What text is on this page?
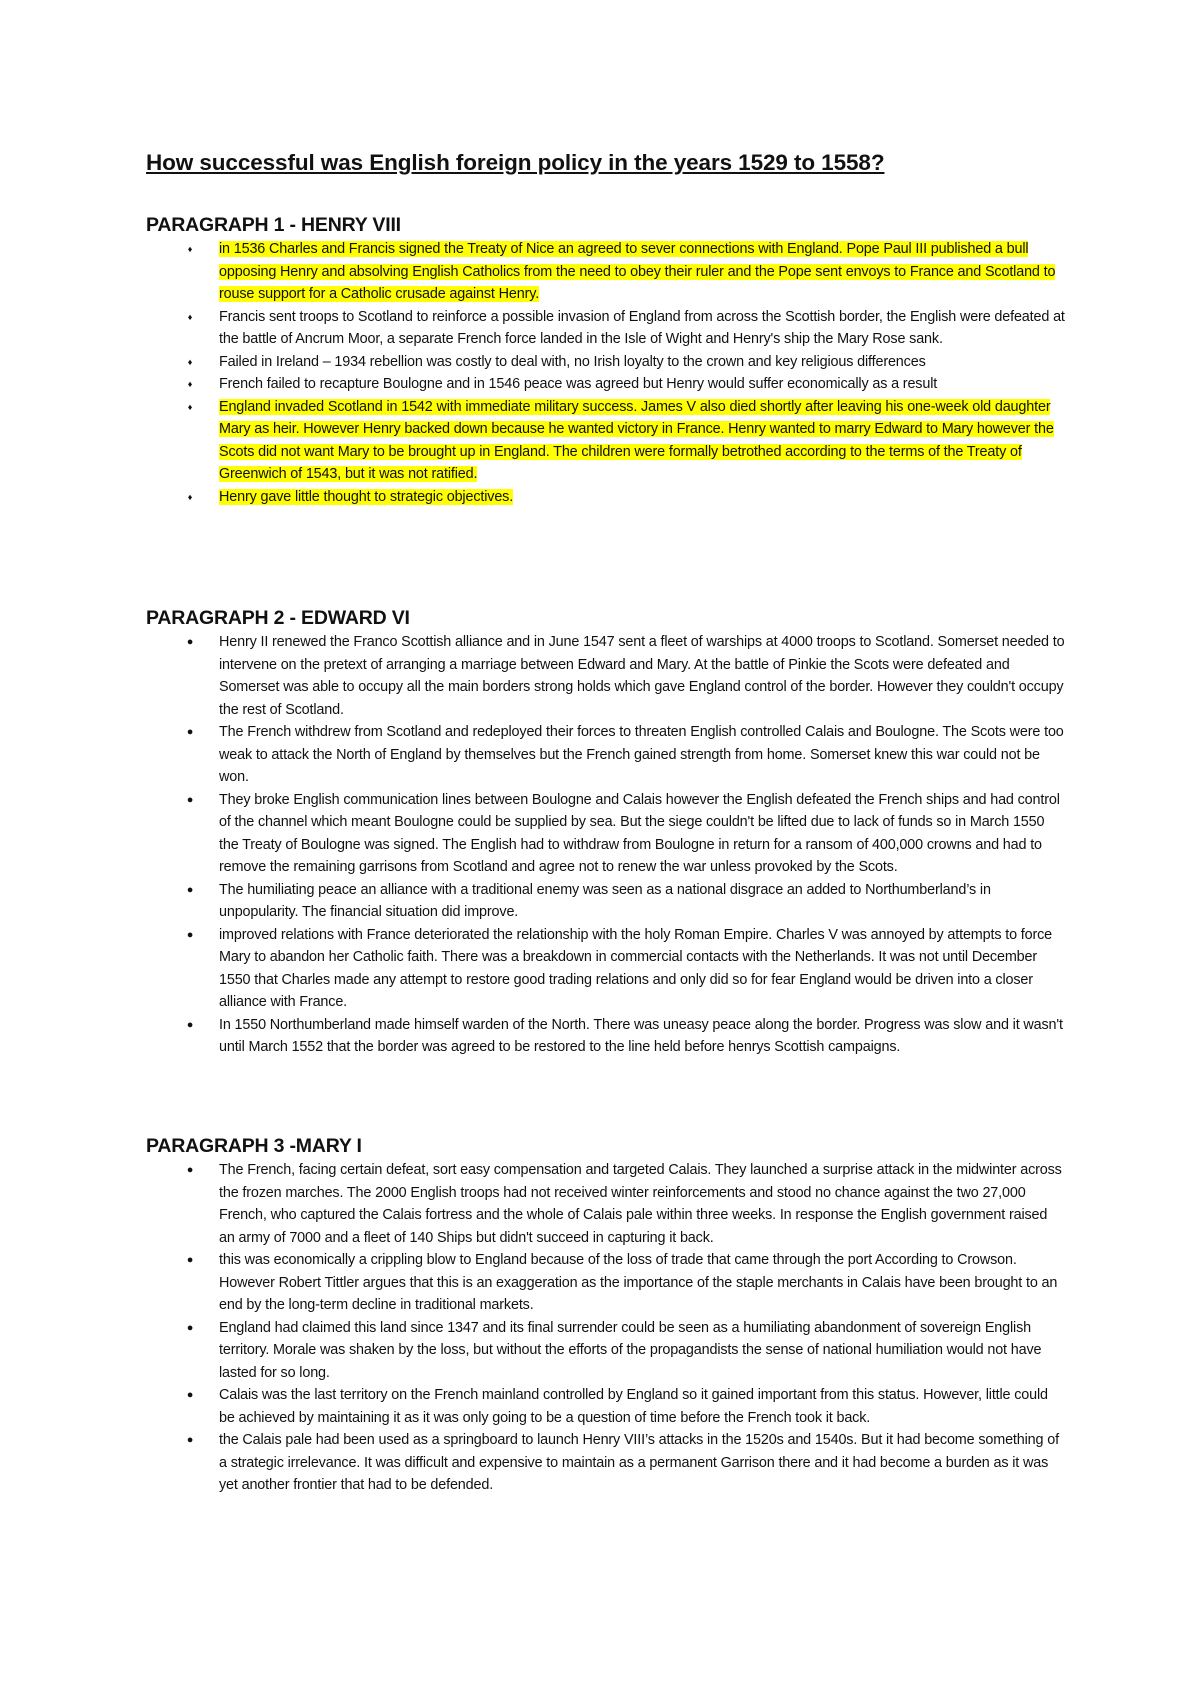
How successful was English foreign policy in the years 1529 to 1558?
PARAGRAPH 1 - HENRY VIII
♦ in 1536 Charles and Francis signed the Treaty of Nice an agreed to sever connections with England. Pope Paul III published a bull opposing Henry and absolving English Catholics from the need to obey their ruler and the Pope sent envoys to France and Scotland to rouse support for a Catholic crusade against Henry.
♦ Francis sent troops to Scotland to reinforce a possible invasion of England from across the Scottish border, the English were defeated at the battle of Ancrum Moor, a separate French force landed in the Isle of Wight and Henry's ship the Mary Rose sank.
♦ Failed in Ireland – 1934 rebellion was costly to deal with, no Irish loyalty to the crown and key religious differences
♦ French failed to recapture Boulogne and in 1546 peace was agreed but Henry would suffer economically as a result
♦ England invaded Scotland in 1542 with immediate military success. James V also died shortly after leaving his one-week old daughter Mary as heir. However Henry backed down because he wanted victory in France. Henry wanted to marry Edward to Mary however the Scots did not want Mary to be brought up in England. The children were formally betrothed according to the terms of the Treaty of Greenwich of 1543, but it was not ratified.
♦ Henry gave little thought to strategic objectives.
PARAGRAPH 2 - EDWARD VI
● Henry II renewed the Franco Scottish alliance and in June 1547 sent a fleet of warships at 4000 troops to Scotland. Somerset needed to intervene on the pretext of arranging a marriage between Edward and Mary. At the battle of Pinkie the Scots were defeated and Somerset was able to occupy all the main borders strong holds which gave England control of the border. However they couldn't occupy the rest of Scotland.
● The French withdrew from Scotland and redeployed their forces to threaten English controlled Calais and Boulogne. The Scots were too weak to attack the North of England by themselves but the French gained strength from home. Somerset knew this war could not be won.
● They broke English communication lines between Boulogne and Calais however the English defeated the French ships and had control of the channel which meant Boulogne could be supplied by sea. But the siege couldn't be lifted due to lack of funds so in March 1550 the Treaty of Boulogne was signed. The English had to withdraw from Boulogne in return for a ransom of 400,000 crowns and had to remove the remaining garrisons from Scotland and agree not to renew the war unless provoked by the Scots.
● The humiliating peace an alliance with a traditional enemy was seen as a national disgrace an added to Northumberland’s in unpopularity. The financial situation did improve.
● improved relations with France deteriorated the relationship with the holy Roman Empire. Charles V was annoyed by attempts to force Mary to abandon her Catholic faith. There was a breakdown in commercial contacts with the Netherlands. It was not until December 1550 that Charles made any attempt to restore good trading relations and only did so for fear England would be driven into a closer alliance with France.
● In 1550 Northumberland made himself warden of the North. There was uneasy peace along the border. Progress was slow and it wasn't until March 1552 that the border was agreed to be restored to the line held before henrys Scottish campaigns.
PARAGRAPH 3 -MARY I
● The French, facing certain defeat, sort easy compensation and targeted Calais. They launched a surprise attack in the midwinter across the frozen marches. The 2000 English troops had not received winter reinforcements and stood no chance against the two 27,000 French, who captured the Calais fortress and the whole of Calais pale within three weeks. In response the English government raised an army of 7000 and a fleet of 140 Ships but didn't succeed in capturing it back.
● this was economically a crippling blow to England because of the loss of trade that came through the port According to Crowson. However Robert Tittler argues that this is an exaggeration as the importance of the staple merchants in Calais have been brought to an end by the long-term decline in traditional markets.
● England had claimed this land since 1347 and its final surrender could be seen as a humiliating abandonment of sovereign English territory. Morale was shaken by the loss, but without the efforts of the propagandists the sense of national humiliation would not have lasted for so long.
● Calais was the last territory on the French mainland controlled by England so it gained important from this status. However, little could be achieved by maintaining it as it was only going to be a question of time before the French took it back.
● the Calais pale had been used as a springboard to launch Henry VIII’s attacks in the 1520s and 1540s. But it had become something of a strategic irrelevance. It was difficult and expensive to maintain as a permanent Garrison there and it had become a burden as it was yet another frontier that had to be defended.
